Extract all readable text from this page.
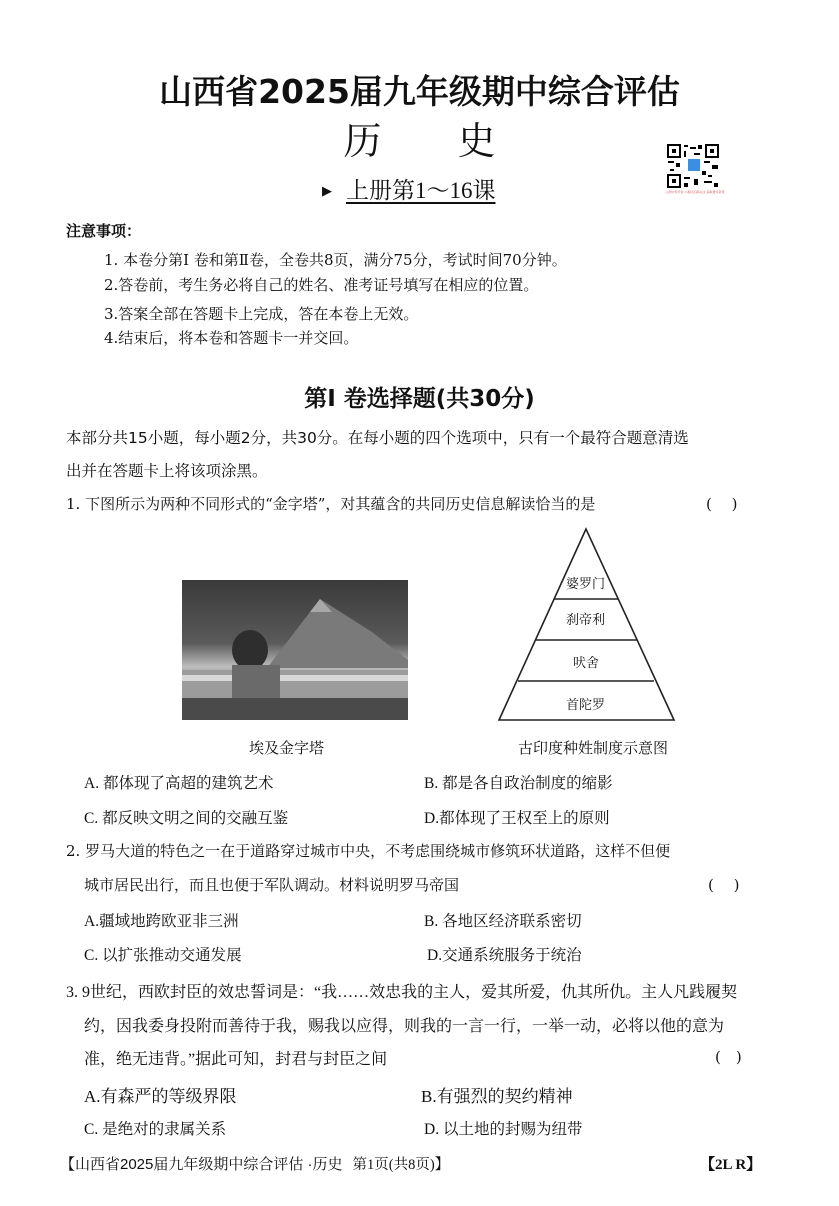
山西省2025届九年级期中综合评估
历 史
▶ 上册第1～16课	山西中考平台 小程序扫码关注 获取更多资讯
注意事项：
1. 本卷分第Ⅰ 卷和第Ⅱ卷，全卷共8页，满分75分，考试时间70分钟。
2.答卷前，考生务必将自己的姓名、准考证号填写在相应的位置。
3.答案全部在答题卡上完成，答在本卷上无效。
4.结束后，将本卷和答题卡一并交回。
第Ⅰ 卷选择题(共30分)
本部分共15小题，每小题2分，共30分。在每小题的四个选项中，只有一个最符合题意清选
出并在答题卡上将该项涂黑。
1. 下图所示为两种不同形式的“金字塔”，对其蕴含的共同历史信息解读恰当的是	(　 )
埃及金字塔
婆罗门
刹帝利
吠舍
首陀罗
古印度种姓制度示意图
A. 都体现了高超的建筑艺术	B. 都是各自政治制度的缩影
C. 都反映文明之间的交融互鉴	D.都体现了王权至上的原则
2. 罗马大道的特色之一在于道路穿过城市中央，不考虑围绕城市修筑环状道路，这样不但便
城市居民出行，而且也便于军队调动。材料说明罗马帝国	(　 )
A.疆域地跨欧亚非三洲	B. 各地区经济联系密切
C. 以扩张推动交通发展	D.交通系统服务于统治
3. 9世纪，西欧封臣的效忠誓词是：“我……效忠我的主人，爱其所爱，仇其所仇。主人凡践履契
约，因我委身投附而善待于我，赐我以应得，则我的一言一行，一举一动，必将以他的意为
准，绝无违背。”据此可知，封君与封臣之间	(　)
A.有森严的等级界限	B.有强烈的契约精神
C. 是绝对的隶属关系	D. 以土地的封赐为纽带
【山西省2025届九年级期中综合评估 ·历史 第1页(共8页)】	【2L R】
